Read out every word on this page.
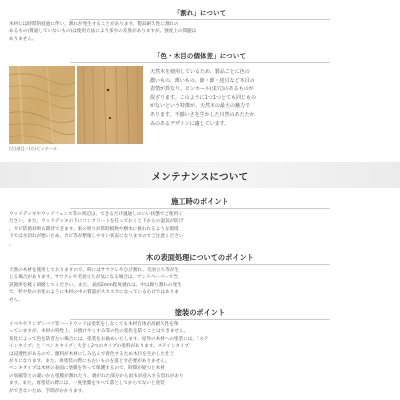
「割れ」について
木材には時間的経過に伴い、割れが発生することがあります。製品耐久性に割れの
あるもの(貫通していないもの)は使用方法により多少の差異がありますが、強度上の問題は
ありません。
「色・木目の個体差」について
(左)逆目／(右)ピンホール
天然木を使用しているため、製品ごとに色の
濃いもの、薄いもの、節・節・逆目など木目の
表情が異なり、ピンホール(虫穴)のあるものが
混ざります。このように1つ1つとても同じもの
がないという特徴が、天然木の最大の魅力で
あります。不揃いさを生かした自然のあたたか
みのあるデザインに適しています。
メンテナンスについて
施工時のポイント
ウッドデッキやウッドフェンス等の周辺は、できるだけ風通しのいい状態でご使用く
ださい。また、ウッドデッキの下にコンクリートを打っておくと下からの湿気が防げ
、カビ防菌効果も期待できます。束の周りが常時植物や樹木に被われるような環境
下では水切れが悪いため、カビ等が繁殖しやすい状況になりますのでご注意ください
。
木の表面処理についてのポイント
天然の木材を使用しておりますので、時にはササクレやひび割れ、毛羽立ち等が生
じる場合があります。ササクレや毛羽立ちが気になる場合は、サンドペーパーで当
該箇所を軽く研磨してください。また、表面2mm程度剥れは、中は腐り割れの発生
で、杉や桧の劣化のように木材の中の質量がスカスカになっているわけではありま
せん。
塗装のポイント
イペやセランガンバツ等ハードウッドは塗装をしなくても木材自体が高耐久性を保
っていますが、木材の特性上、日焼けやくすみ等の色の変化を防ぐことはできません。
変化によって色を防ぎたい場合には、塗装をお勧めいたします。屋外の木材への塗装には、「ステ
インタイプ」と「ペンキタイプ」大きく2つのタイプの塗料があります。ステインタイプ
は浸透性があるので、顔料が木材にしみ込んで着色するため木目を生かした仕上
がりになります。また、再塗装の際にも古いものを落とす必要がありません。
ペンキタイプは木材の表面に塗膜を作って保護するので、時間が経つと木材
の収縮等との違いから塗膜が割れたり、剥がれた部分から雨水が浸入する恐れがあり
ます。また、再塗装の際には、一度塗膜をすべて落としてからでないと塗装
ができないため、手間がかかります。
